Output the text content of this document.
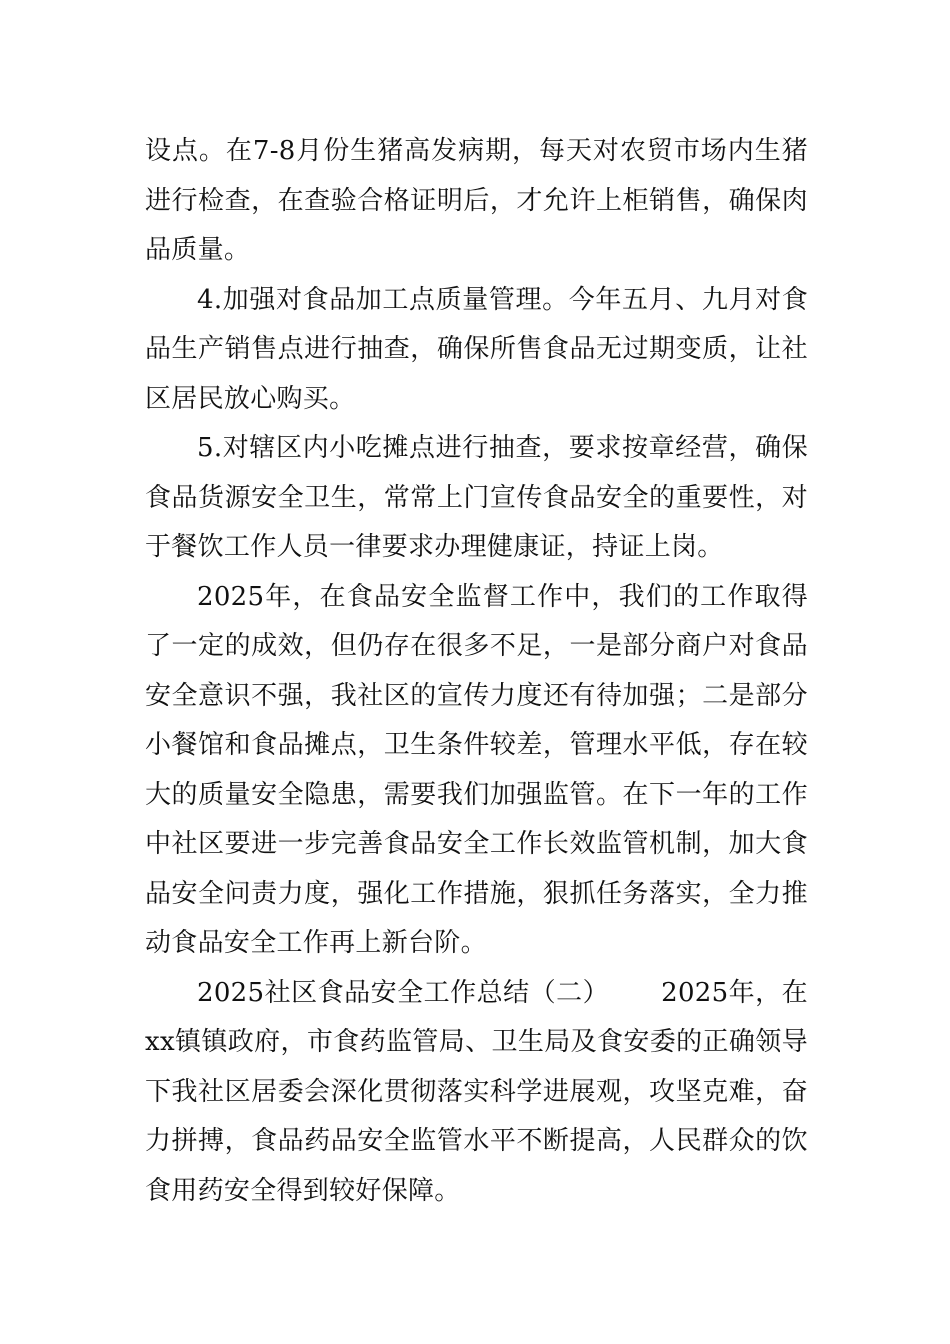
设点。在7-8月份生猪高发病期，每天对农贸市场内生猪进行检查，在查验合格证明后，才允许上柜销售，确保肉品质量。

4.加强对食品加工点质量管理。今年五月、九月对食品生产销售点进行抽查，确保所售食品无过期变质，让社区居民放心购买。

5.对辖区内小吃摊点进行抽查，要求按章经营，确保食品货源安全卫生，常常上门宣传食品安全的重要性，对于餐饮工作人员一律要求办理健康证，持证上岗。

2025年，在食品安全监督工作中，我们的工作取得了一定的成效，但仍存在很多不足，一是部分商户对食品安全意识不强，我社区的宣传力度还有待加强；二是部分小餐馆和食品摊点，卫生条件较差，管理水平低，存在较大的质量安全隐患，需要我们加强监管。在下一年的工作中社区要进一步完善食品安全工作长效监管机制，加大食品安全问责力度，强化工作措施，狠抓任务落实，全力推动食品安全工作再上新台阶。

2025社区食品安全工作总结（二） 2025年，在xx镇镇政府，市食药监管局、卫生局及食安委的正确领导下我社区居委会深化贯彻落实科学进展观，攻坚克难，奋力拼搏，食品药品安全监管水平不断提高，人民群众的饮食用药安全得到较好保障。
